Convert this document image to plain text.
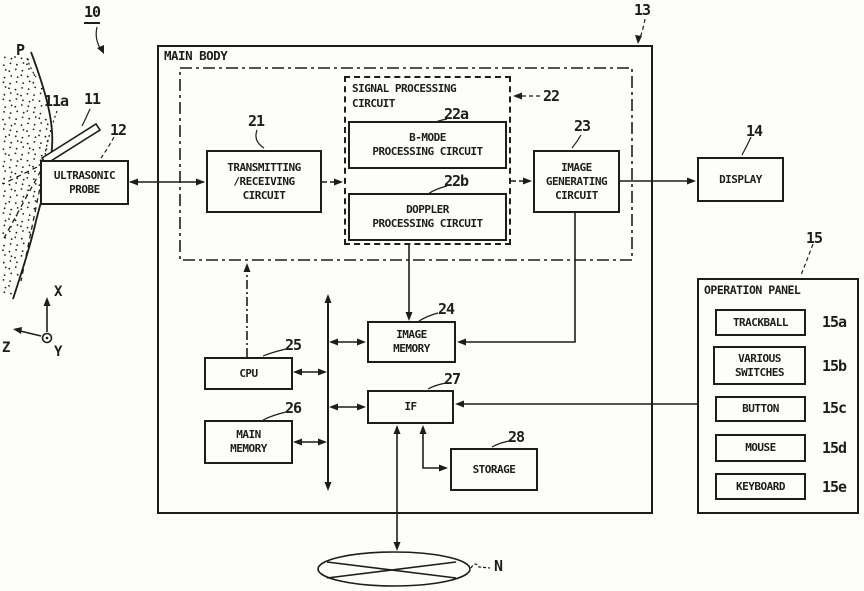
MAIN BODY
ULTRASONIC
PROBE
TRANSMITTING
/RECEIVING
CIRCUIT
SIGNAL PROCESSING
CIRCUIT
B-MODE
PROCESSING CIRCUIT
DOPPLER
PROCESSING CIRCUIT
IMAGE
GENERATING
CIRCUIT
DISPLAY
IMAGE
MEMORY
CPU
MAIN
MEMORY
IF
STORAGE
OPERATION PANEL
TRACKBALL
VARIOUS
SWITCHES
BUTTON
MOUSE
KEYBOARD
10
P
11a 11
12
13
14
15
21
22
22a
22b
23
24
25
26
27
28
15a
15b
15c
15d
15e
N
X
Y
Z
